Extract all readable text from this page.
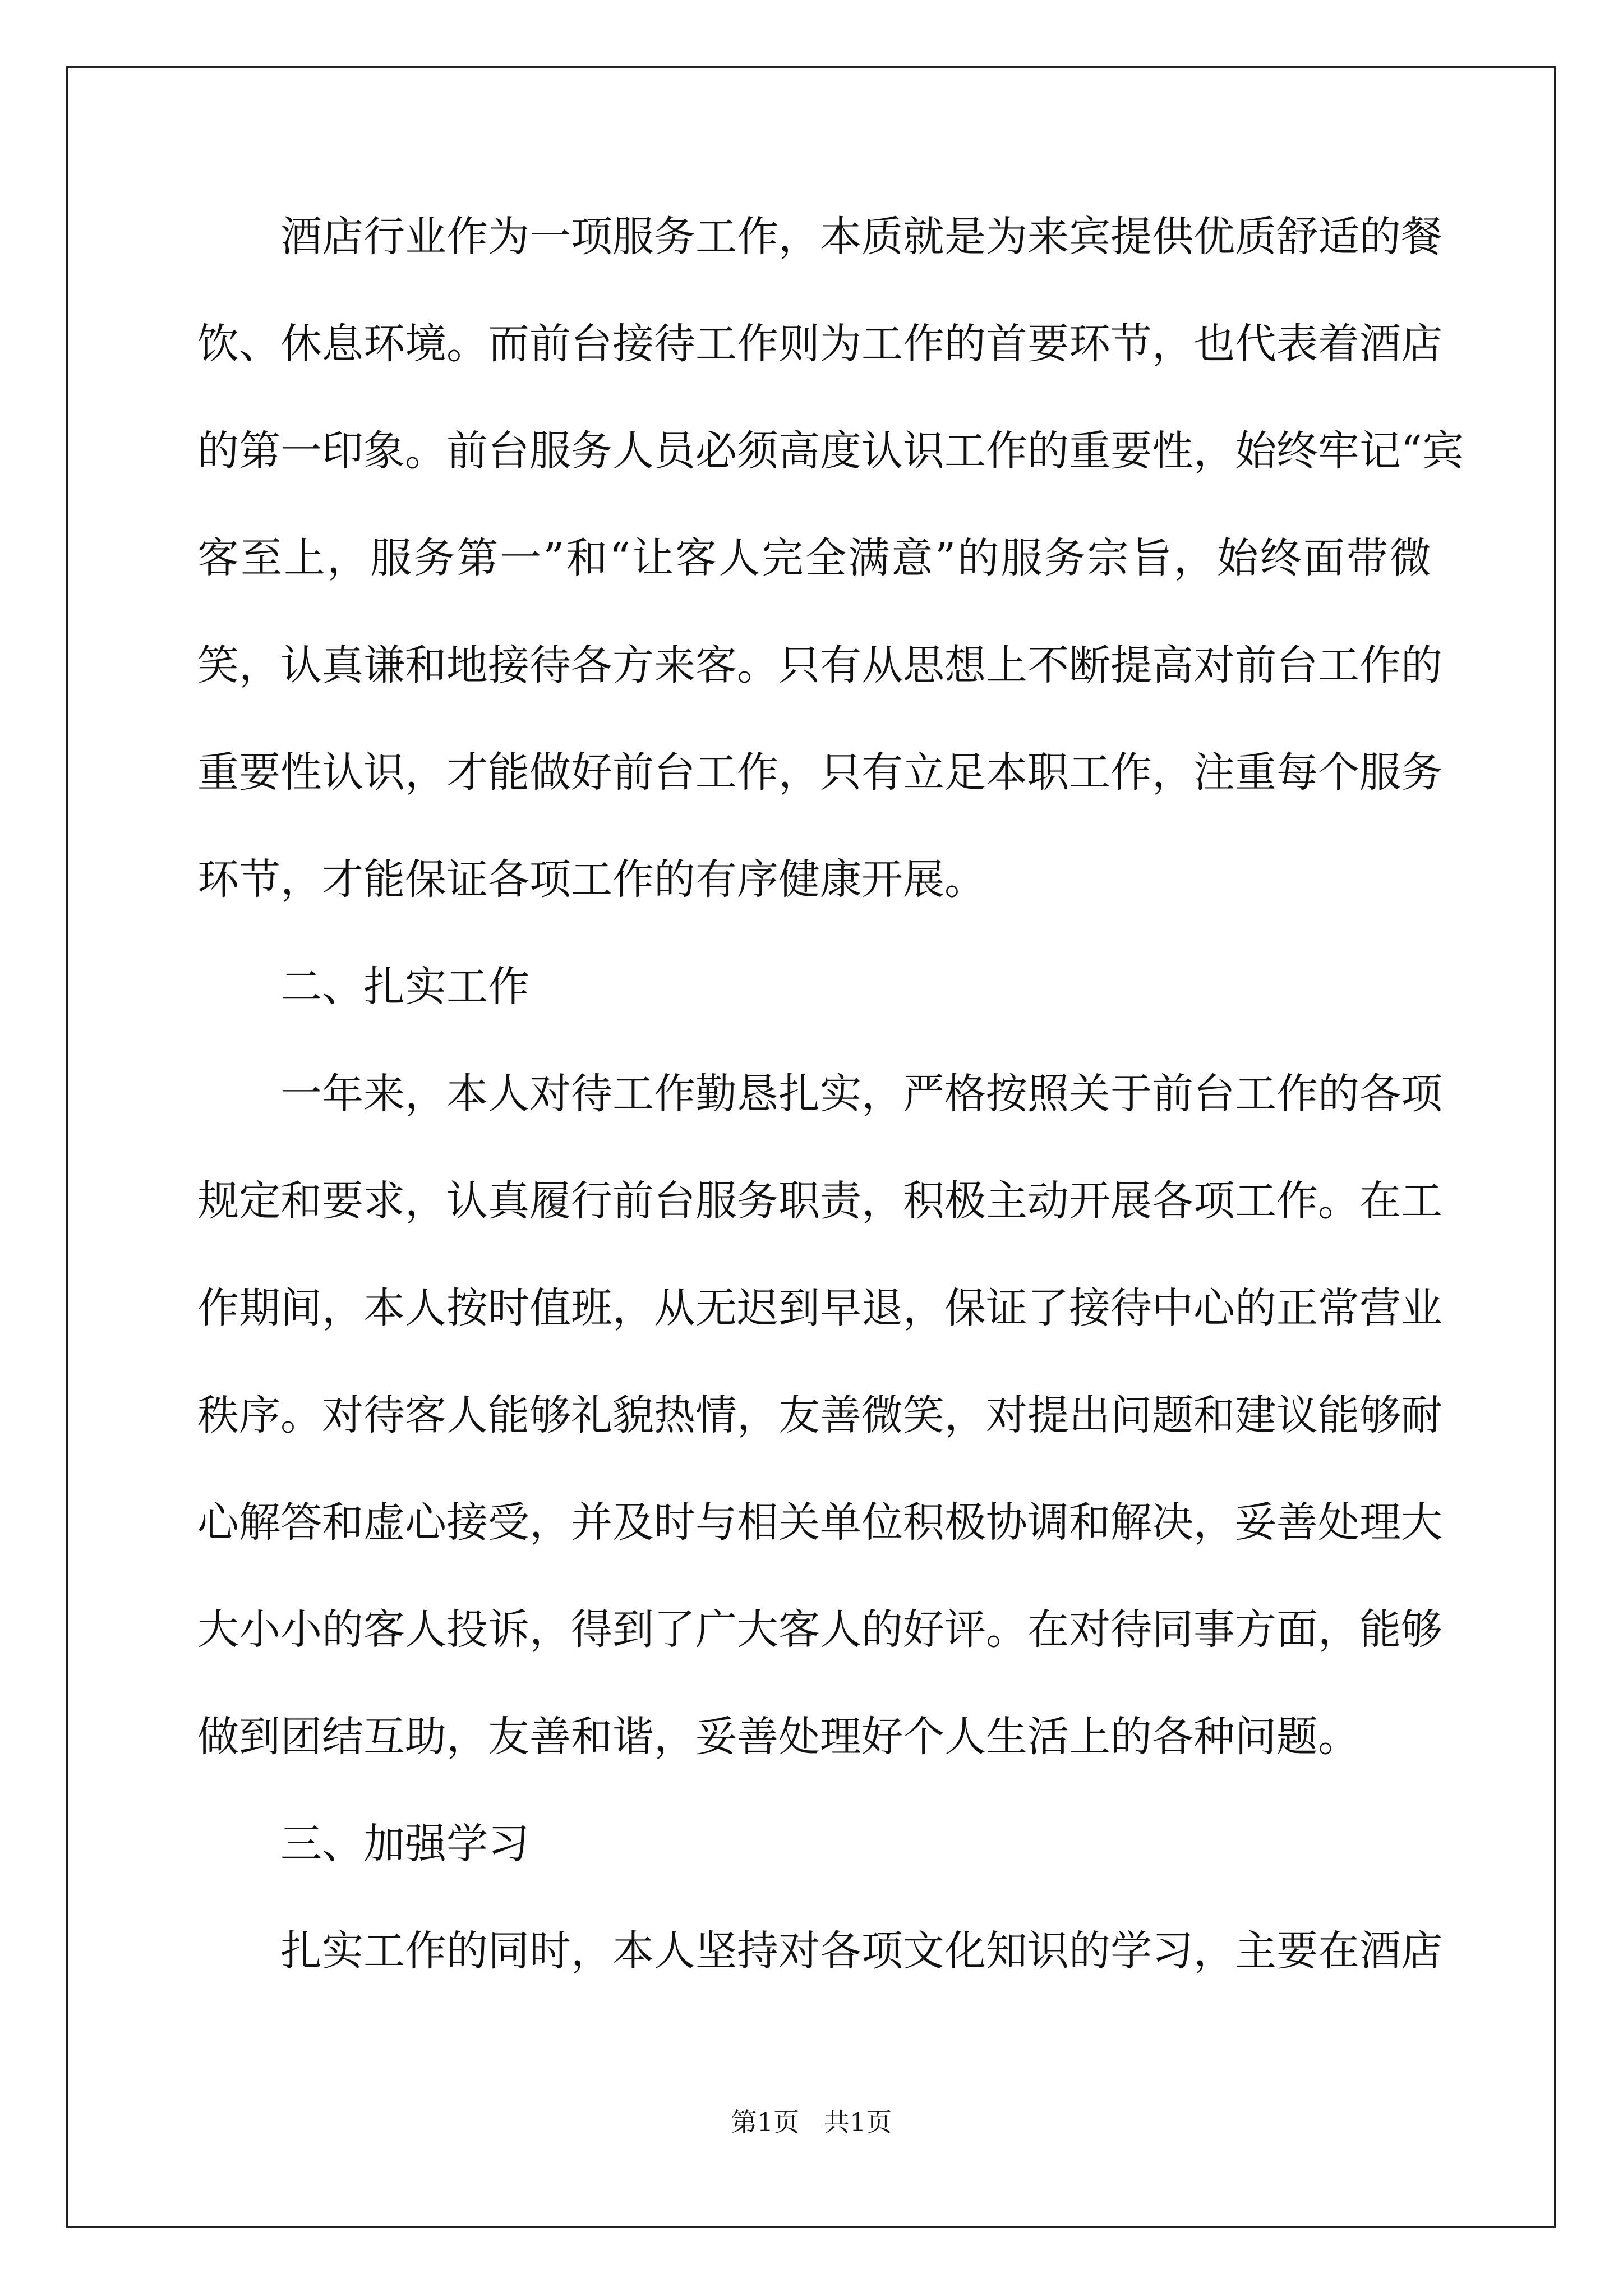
酒店行业作为一项服务工作，本质就是为来宾提供优质舒适的餐
饮、休息环境。而前台接待工作则为工作的首要环节，也代表着酒店
的第一印象。前台服务人员必须高度认识工作的重要性，始终牢记“宾
客至上，服务第一”和“让客人完全满意”的服务宗旨，始终面带微
笑，认真谦和地接待各方来客。只有从思想上不断提高对前台工作的
重要性认识，才能做好前台工作，只有立足本职工作，注重每个服务
环节，才能保证各项工作的有序健康开展。
二、扎实工作
一年来，本人对待工作勤恳扎实，严格按照关于前台工作的各项
规定和要求，认真履行前台服务职责，积极主动开展各项工作。在工
作期间，本人按时值班，从无迟到早退，保证了接待中心的正常营业
秩序。对待客人能够礼貌热情，友善微笑，对提出问题和建议能够耐
心解答和虚心接受，并及时与相关单位积极协调和解决，妥善处理大
大小小的客人投诉，得到了广大客人的好评。在对待同事方面，能够
做到团结互助，友善和谐，妥善处理好个人生活上的各种问题。
三、加强学习
扎实工作的同时，本人坚持对各项文化知识的学习，主要在酒店
第1页 共1页
